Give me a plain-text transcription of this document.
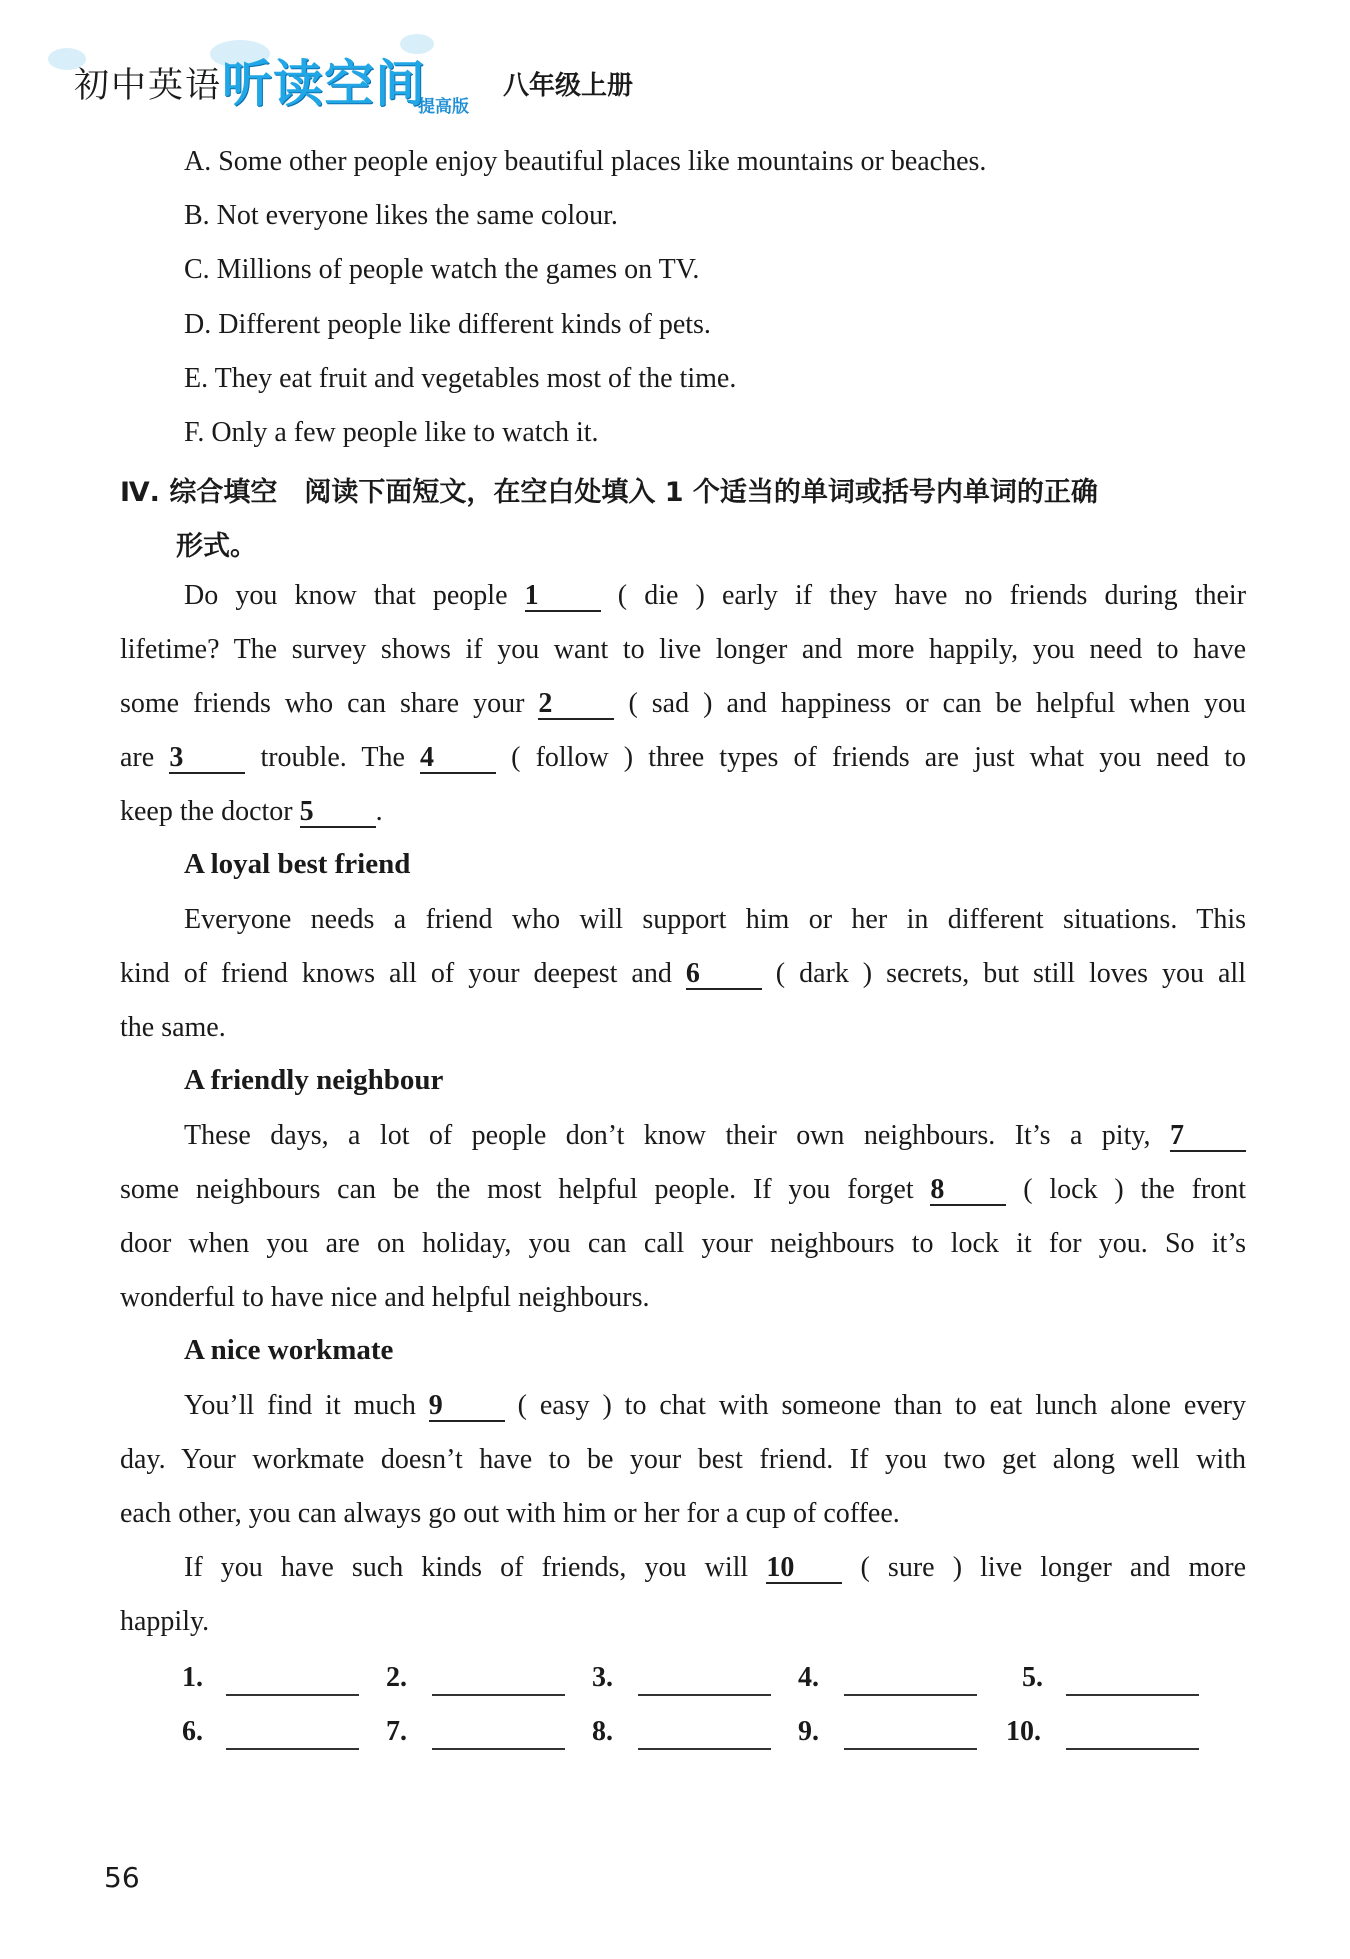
初中英语 听读空间
提高版
八年级上册
A. Some other people enjoy beautiful places like mountains or beaches.
B. Not everyone likes the same colour.
C. Millions of people watch the games on TV.
D. Different people like different kinds of pets.
E. They eat fruit and vegetables most of the time.
F. Only a few people like to watch it.
Ⅳ. 综合填空　阅读下面短文，在空白处填入 1 个适当的单词或括号内单词的正确
形式。
Do you know that people 1	( die ) early if they have no friends during their
lifetime? The survey shows if you want to live longer and more happily, you need to have
some friends who can share your 2	( sad ) and happiness or can be helpful when you
are 3	trouble. The 4	( follow ) three types of friends are just what you need to
keep the doctor 5 .
A loyal best friend
Everyone needs a friend who will support him or her in different situations. This
kind of friend knows all of your deepest and 6	( dark ) secrets, but still loves you all
the same.
A friendly neighbour
These days, a lot of people don’t know their own neighbours. It’s a pity, 7
some neighbours can be the most helpful people. If you forget 8	( lock ) the front
door when you are on holiday, you can call your neighbours to lock it for you. So it’s
wonderful to have nice and helpful neighbours.
A nice workmate
You’ll find it much 9	( easy ) to chat with someone than to eat lunch alone every
day. Your workmate doesn’t have to be your best friend. If you two get along well with
each other, you can always go out with him or her for a cup of coffee.
If you have such kinds of friends, you will 10 ( sure ) live longer and more
happily.
1.	2.	3.	4.	5.
6.	7.	8.	9.	10.
56
